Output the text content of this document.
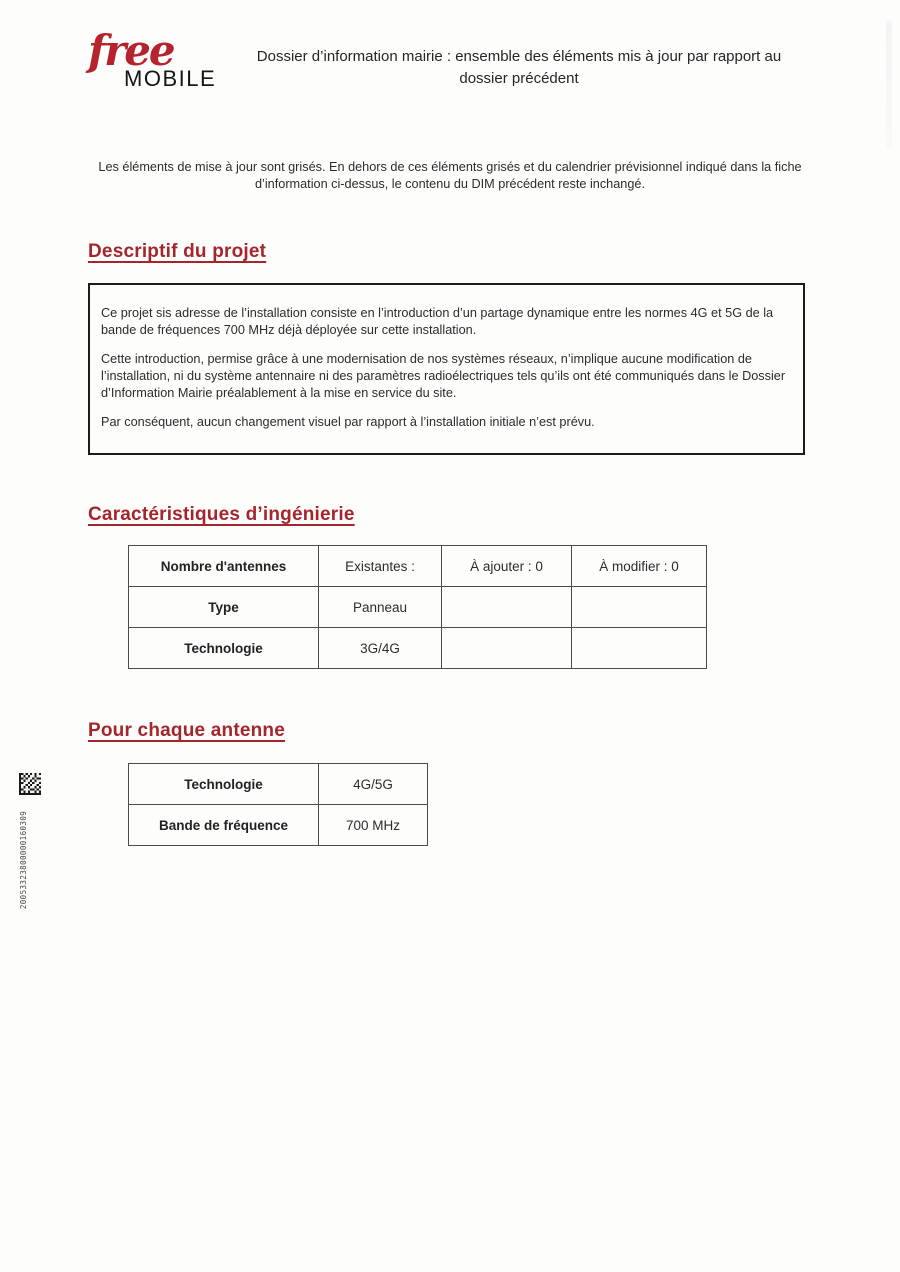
free
MOBILE
Dossier d’information mairie : ensemble des éléments mis à jour par rapport au dossier précédent

Les éléments de mise à jour sont grisés. En dehors de ces éléments grisés et du calendrier prévisionnel indiqué dans la fiche d’information ci-dessus, le contenu du DIM précédent reste inchangé.

Descriptif du projet

Ce projet sis adresse de l’installation consiste en l’introduction d’un partage dynamique entre les normes 4G et 5G de la bande de fréquences 700 MHz déjà déployée sur cette installation.

Cette introduction, permise grâce à une modernisation de nos systèmes réseaux, n’implique aucune modification de l’installation, ni du système antennaire ni des paramètres radioélectriques tels qu’ils ont été communiqués dans le Dossier d’Information Mairie préalablement à la mise en service du site.

Par conséquent, aucun changement visuel par rapport à l’installation initiale n’est prévu.

Caractéristiques d’ingénierie
Nombre d'antennes	Existantes :	À ajouter : 0	À modifier : 0
Type	Panneau		
Technologie	3G/4G		
Pour chaque antenne
Technologie	4G/5G
Bande de fréquence	700 MHz
20053323800000160309
